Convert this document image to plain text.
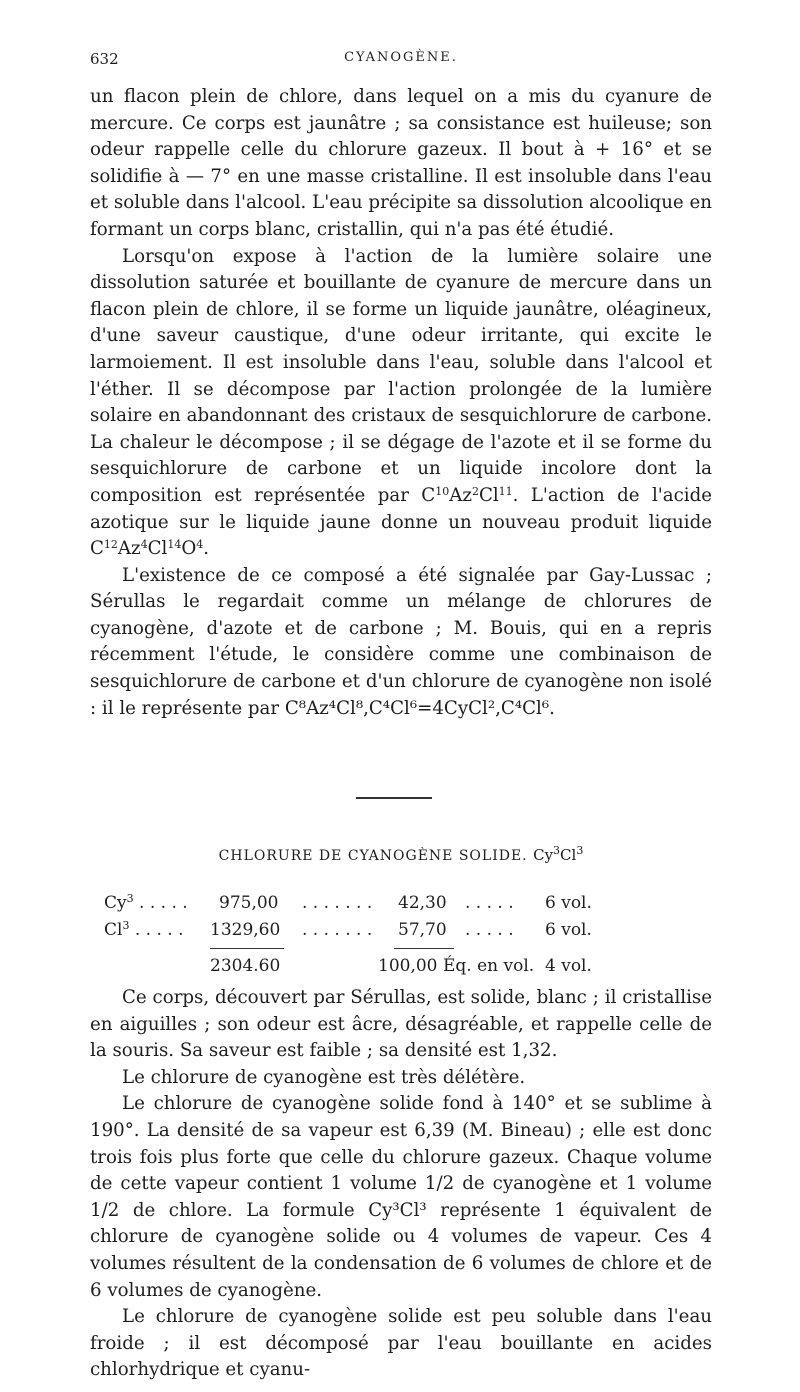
632	CYANOGÈNE.

un flacon plein de chlore, dans lequel on a mis du cyanure de mercure. Ce corps est jaunâtre ; sa consistance est huileuse; son odeur rappelle celle du chlorure gazeux. Il bout à + 16° et se solidifie à — 7° en une masse cristalline. Il est insoluble dans l'eau et soluble dans l'alcool. L'eau précipite sa dissolution alcoolique en formant un corps blanc, cristallin, qui n'a pas été étudié.

Lorsqu'on expose à l'action de la lumière solaire une dissolution saturée et bouillante de cyanure de mercure dans un flacon plein de chlore, il se forme un liquide jaunâtre, oléagineux, d'une saveur caustique, d'une odeur irritante, qui excite le larmoiement. Il est insoluble dans l'eau, soluble dans l'alcool et l'éther. Il se décompose par l'action prolongée de la lumière solaire en abandonnant des cristaux de sesquichlorure de carbone. La chaleur le décompose ; il se dégage de l'azote et il se forme du sesquichlorure de carbone et un liquide incolore dont la composition est représentée par $C^{10}Az^2Cl^{11}$. L'action de l'acide azotique sur le liquide jaune donne un nouveau produit liquide $C^{12}Az^4Cl^{14}O^4$.

L'existence de ce composé a été signalée par Gay-Lussac ; Sérullas le regardait comme un mélange de chlorures de cyanogène, d'azote et de carbone ; M. Bouis, qui en a repris récemment l'étude, le considère comme une combinaison de sesquichlorure de carbone et d'un chlorure de cyanogène non isolé : il le représente par C⁸Az⁴Cl⁸,C⁴Cl⁶=4CyCl²,C⁴Cl⁶.

CHLORURE DE CYANOGÈNE SOLIDE. Cy$^3$Cl$^3$
Cy$^3$ . . . . . 975,00 . . . . . . . 42,30 . . . . . 6 vol.
Cl$^3$ . . . . . 1329,60 . . . . . . . 57,70 . . . . . 6 vol.
2304.60	100,00 Éq. en vol. 4 vol.

Ce corps, découvert par Sérullas, est solide, blanc ; il cristallise en aiguilles ; son odeur est âcre, désagréable, et rappelle celle de la souris. Sa saveur est faible ; sa densité est 1,32.

Le chlorure de cyanogène est très délétère.

Le chlorure de cyanogène solide fond à 140° et se sublime à 190°. La densité de sa vapeur est 6,39 (M. Bineau) ; elle est donc trois fois plus forte que celle du chlorure gazeux. Chaque volume de cette vapeur contient 1 volume 1/2 de cyanogène et 1 volume 1/2 de chlore. La formule Cy³Cl³ représente 1 équivalent de chlorure de cyanogène solide ou 4 volumes de vapeur. Ces 4 volumes résultent de la condensation de 6 volumes de chlore et de 6 volumes de cyanogène.

Le chlorure de cyanogène solide est peu soluble dans l'eau froide ; il est décomposé par l'eau bouillante en acides chlorhydrique et cyanu-
